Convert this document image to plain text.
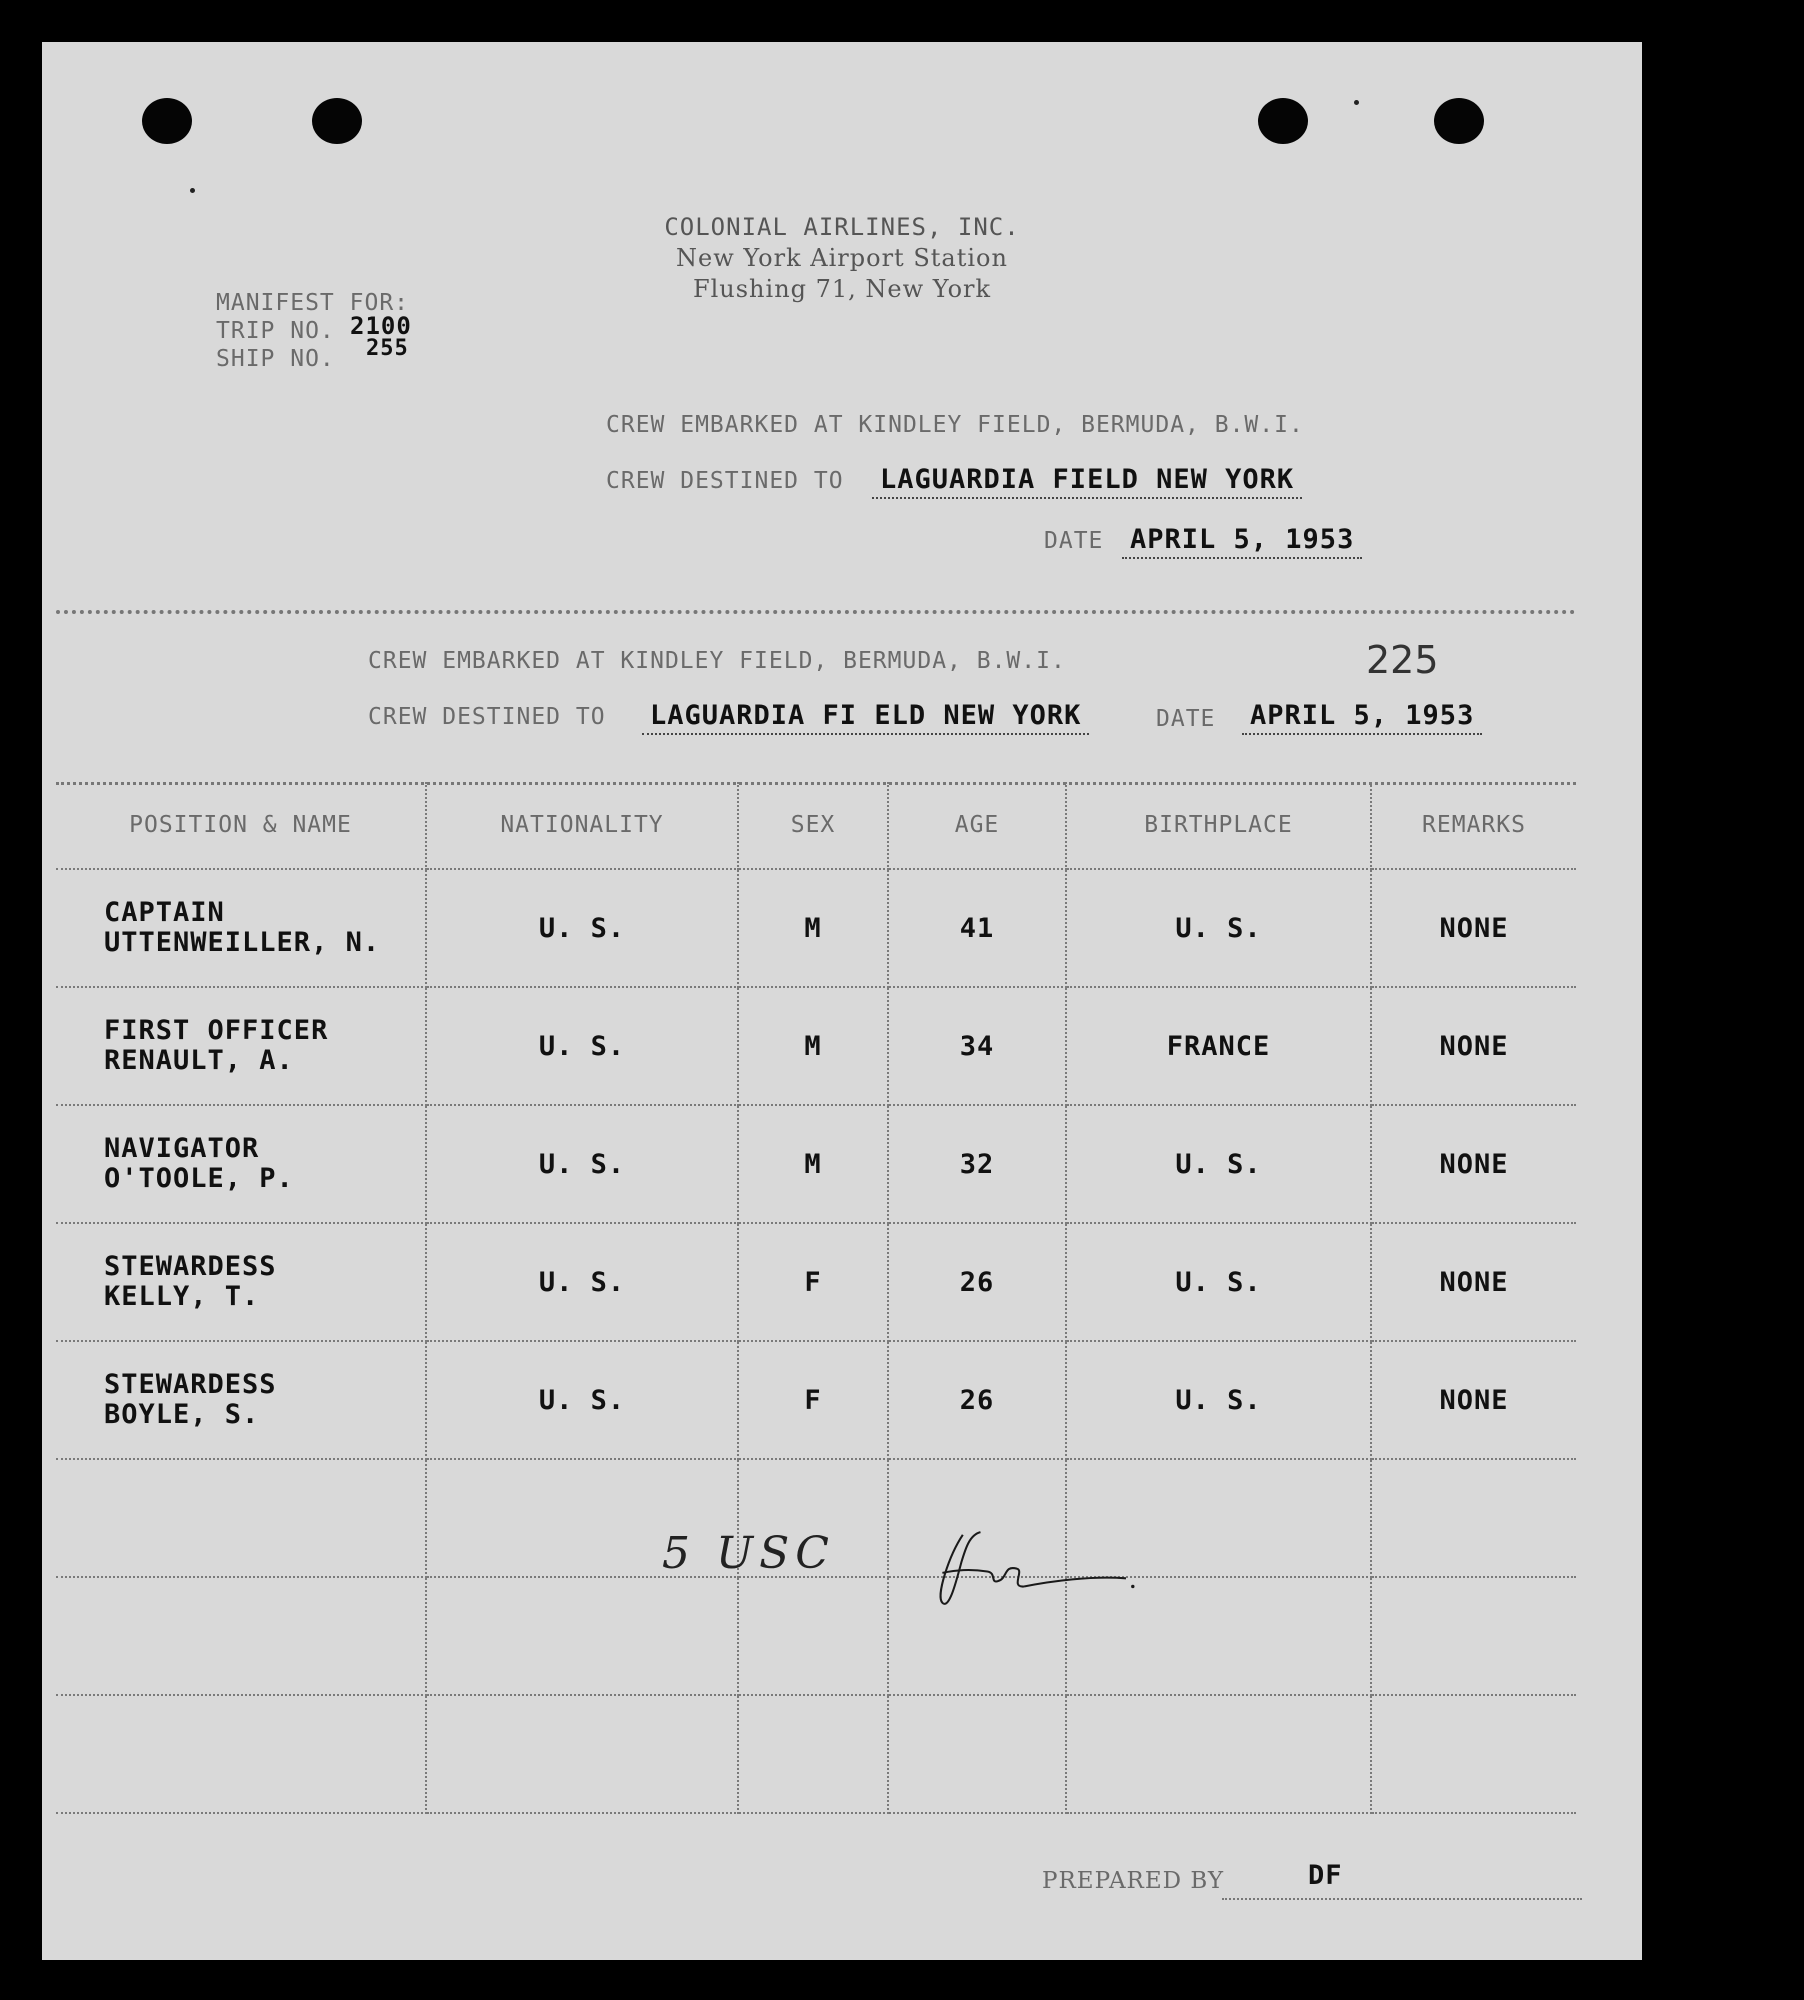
COLONIAL AIRLINES, INC.
New York Airport Station
Flushing 71, New York
MANIFEST FOR:
TRIP NO. 2100
SHIP NO. 255
CREW EMBARKED AT KINDLEY FIELD, BERMUDA, B.W.I.
CREW DESTINED TO LAGUARDIA FIELD NEW YORK
DATE APRIL 5, 1953
CREW EMBARKED AT KINDLEY FIELD, BERMUDA, B.W.I.	225
CREW DESTINED TO LAGUARDIA FI ELD NEW YORK	DATE APRIL 5, 1953
POSITION & NAME	NATIONALITY	SEX	AGE	BIRTHPLACE	REMARKS

CAPTAIN
UTTENWEILLER, N.	U. S.	M	41	U. S.	NONE

FIRST OFFICER
RENAULT, A.	U. S.	M	34	FRANCE	NONE

NAVIGATOR
O'TOOLE, P.	U. S.	M	32	U. S.	NONE

STEWARDESS
KELLY, T.	U. S.	F	26	U. S.	NONE

STEWARDESS
BOYLE, S.	U. S.	F	26	U. S.	NONE

5 USC
PREPARED BY	DF
